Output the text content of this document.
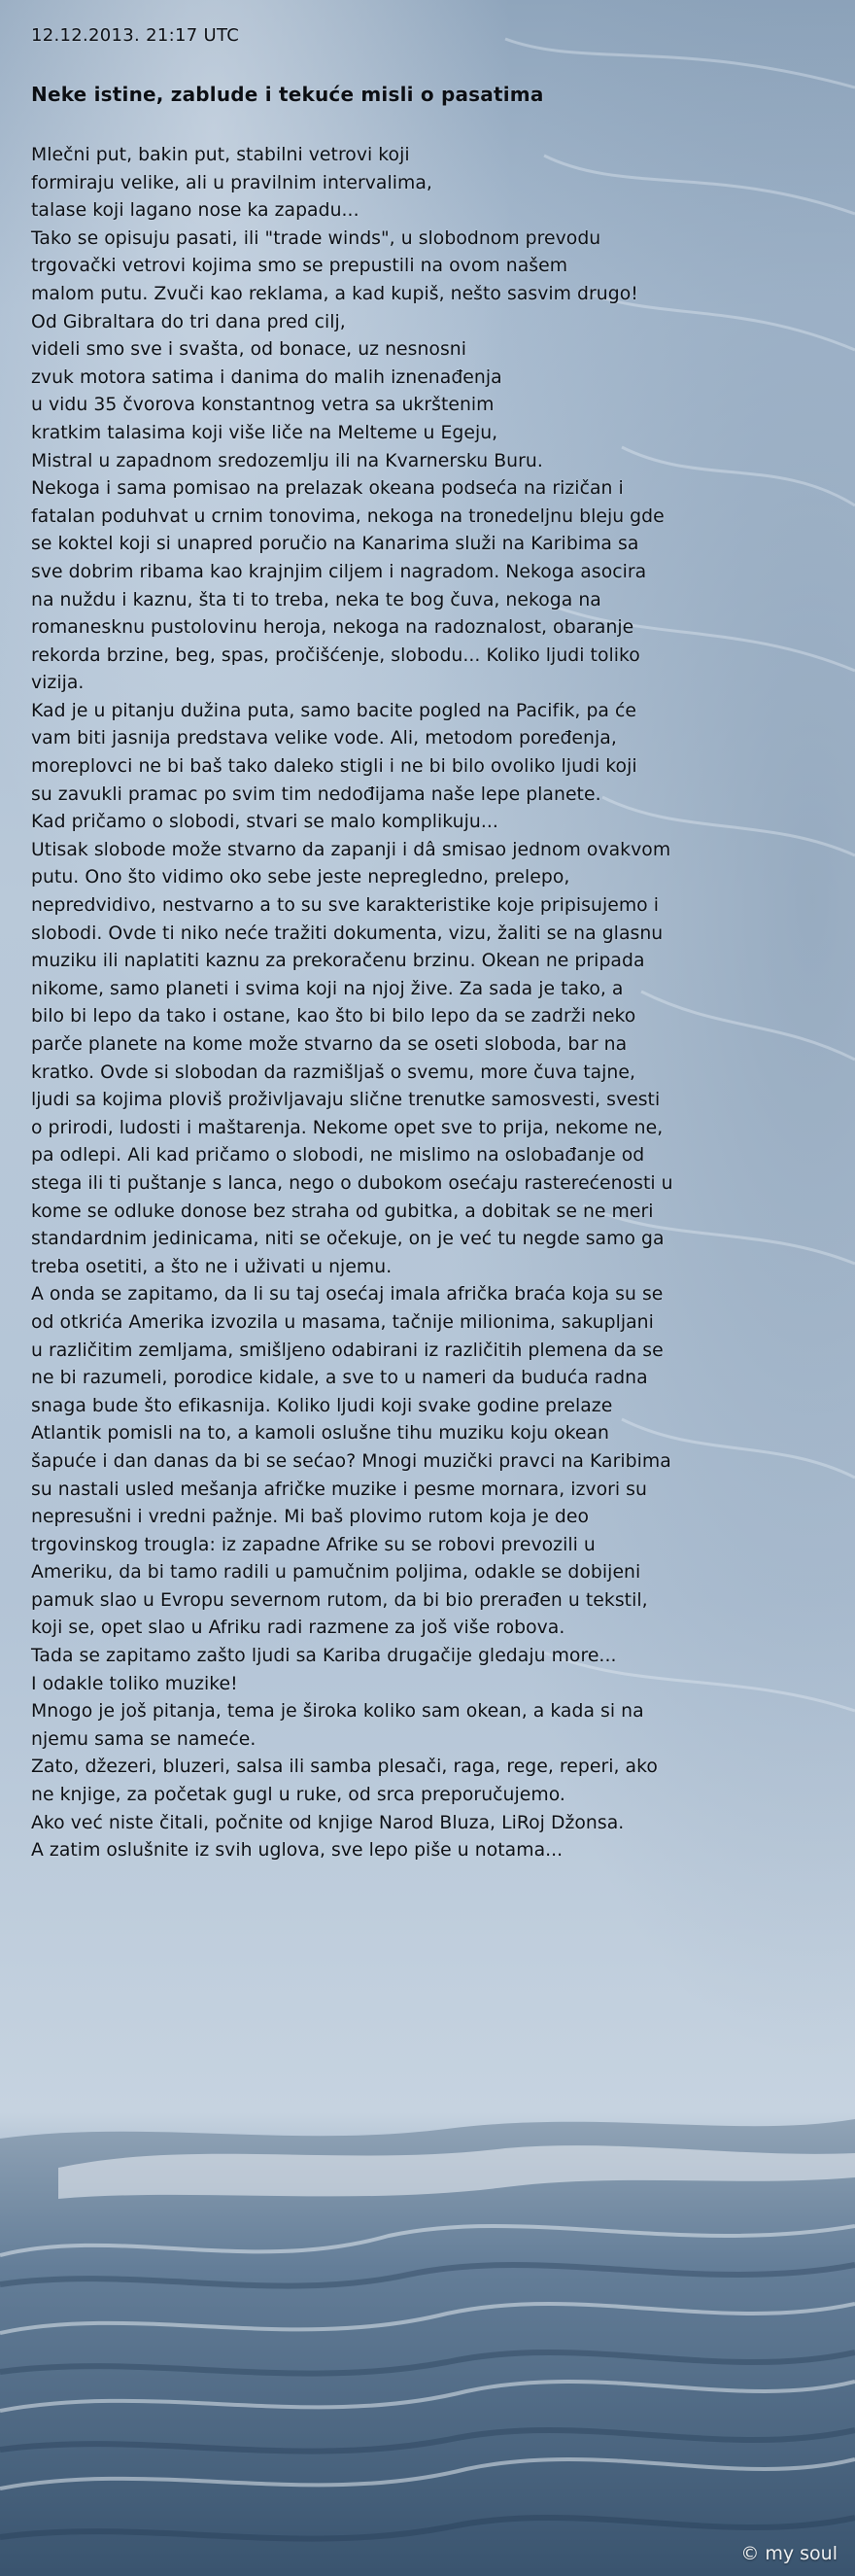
12.12.2013. 21:17 UTC
Neke istine, zablude i tekuće misli o pasatima
Mlečni put, bakin put, stabilni vetrovi koji
formiraju velike, ali u pravilnim intervalima,
talase koji lagano nose ka zapadu...
Tako se opisuju pasati, ili "trade winds", u slobodnom prevodu
trgovački vetrovi kojima smo se prepustili na ovom našem
malom putu. Zvuči kao reklama, a kad kupiš, nešto sasvim drugo!
Od Gibraltara do tri dana pred cilj,
videli smo sve i svašta, od bonace, uz nesnosni
zvuk motora satima i danima do malih iznenađenja
u vidu 35 čvorova konstantnog vetra sa ukrštenim
kratkim talasima koji više liče na Melteme u Egeju,
Mistral u zapadnom sredozemlju ili na Kvarnersku Buru.
Nekoga i sama pomisao na prelazak okeana podseća na rizičan i
fatalan poduhvat u crnim tonovima, nekoga na tronedeljnu bleju gde
se koktel koji si unapred poručio na Kanarima služi na Karibima sa
sve dobrim ribama kao krajnjim ciljem i nagradom. Nekoga asocira
na nuždu i kaznu, šta ti to treba, neka te bog čuva, nekoga na
romanesknu pustolovinu heroja, nekoga na radoznalost, obaranje
rekorda brzine, beg, spas, pročišćenje, slobodu... Koliko ljudi toliko
vizija.
Kad je u pitanju dužina puta, samo bacite pogled na Pacifik, pa će
vam biti jasnija predstava velike vode. Ali, metodom poređenja,
moreplovci ne bi baš tako daleko stigli i ne bi bilo ovoliko ljudi koji
su zavukli pramac po svim tim nedođijama naše lepe planete.
Kad pričamo o slobodi, stvari se malo komplikuju...
Utisak slobode može stvarno da zapanji i dâ smisao jednom ovakvom
putu. Ono što vidimo oko sebe jeste nepregledno, prelepo,
nepredvidivo, nestvarno a to su sve karakteristike koje pripisujemo i
slobodi. Ovde ti niko neće tražiti dokumenta, vizu, žaliti se na glasnu
muziku ili naplatiti kaznu za prekoračenu brzinu. Okean ne pripada
nikome, samo planeti i svima koji na njoj žive. Za sada je tako, a
bilo bi lepo da tako i ostane, kao što bi bilo lepo da se zadrži neko
parče planete na kome može stvarno da se oseti sloboda, bar na
kratko. Ovde si slobodan da razmišljaš o svemu, more čuva tajne,
ljudi sa kojima ploviš proživljavaju slične trenutke samosvesti, svesti
o prirodi, ludosti i maštarenja. Nekome opet sve to prija, nekome ne,
pa odlepi. Ali kad pričamo o slobodi, ne mislimo na oslobađanje od
stega ili ti puštanje s lanca, nego o dubokom osećaju rasterećenosti u
kome se odluke donose bez straha od gubitka, a dobitak se ne meri
standardnim jedinicama, niti se očekuje, on je već tu negde samo ga
treba osetiti, a što ne i uživati u njemu.
A onda se zapitamo, da li su taj osećaj imala afrička braća koja su se
od otkrića Amerika izvozila u masama, tačnije milionima, sakupljani
u različitim zemljama, smišljeno odabirani iz različitih plemena da se
ne bi razumeli, porodice kidale, a sve to u nameri da buduća radna
snaga bude što efikasnija. Koliko ljudi koji svake godine prelaze
Atlantik pomisli na to, a kamoli oslušne tihu muziku koju okean
šapuće i dan danas da bi se sećao? Mnogi muzički pravci na Karibima
su nastali usled mešanja afričke muzike i pesme mornara, izvori su
nepresušni i vredni pažnje. Mi baš plovimo rutom koja je deo
trgovinskog trougla: iz zapadne Afrike su se robovi prevozili u
Ameriku, da bi tamo radili u pamučnim poljima, odakle se dobijeni
pamuk slao u Evropu severnom rutom, da bi bio prerađen u tekstil,
koji se, opet slao u Afriku radi razmene za još više robova.
Tada se zapitamo zašto ljudi sa Kariba drugačije gledaju more...
I odakle toliko muzike!
Mnogo je još pitanja, tema je široka koliko sam okean, a kada si na
njemu sama se nameće.
Zato, džezeri, bluzeri, salsa ili samba plesači, raga, rege, reperi, ako
ne knjige, za početak gugl u ruke, od srca preporučujemo.
Ako već niste čitali, počnite od knjige Narod Bluza, LiRoj Džonsa.
A zatim oslušnite iz svih uglova, sve lepo piše u notama...
© my soul
